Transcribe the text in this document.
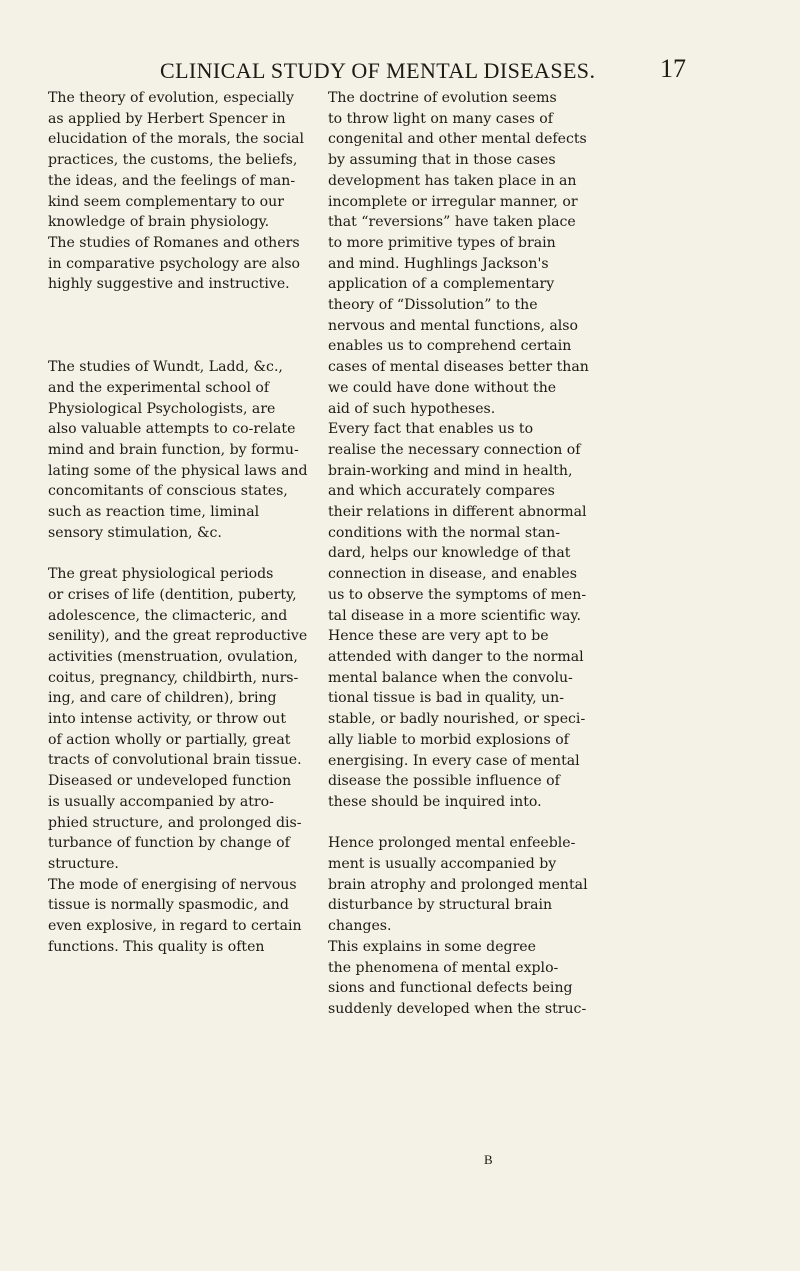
CLINICAL STUDY OF MENTAL DISEASES. 17
The theory of evolution, especially
as applied by Herbert Spencer in
elucidation of the morals, the social
practices, the customs, the beliefs,
the ideas, and the feelings of man-
kind seem complementary to our
knowledge of brain physiology.
The studies of Romanes and others
in comparative psychology are also
highly suggestive and instructive.
The studies of Wundt, Ladd, &c.,
and the experimental school of
Physiological Psychologists, are
also valuable attempts to co-relate
mind and brain function, by formu-
lating some of the physical laws and
concomitants of conscious states,
such as reaction time, liminal
sensory stimulation, &c.
The great physiological periods
or crises of life (dentition, puberty,
adolescence, the climacteric, and
senility), and the great reproductive
activities (menstruation, ovulation,
coitus, pregnancy, childbirth, nurs-
ing, and care of children), bring
into intense activity, or throw out
of action wholly or partially, great
tracts of convolutional brain tissue.
Diseased or undeveloped function
is usually accompanied by atro-
phied structure, and prolonged dis-
turbance of function by change of
structure.
The mode of energising of nervous
tissue is normally spasmodic, and
even explosive, in regard to certain
functions. This quality is often
The doctrine of evolution seems
to throw light on many cases of
congenital and other mental defects
by assuming that in those cases
development has taken place in an
incomplete or irregular manner, or
that “reversions” have taken place
to more primitive types of brain
and mind. Hughlings Jackson's
application of a complementary
theory of “Dissolution” to the
nervous and mental functions, also
enables us to comprehend certain
cases of mental diseases better than
we could have done without the
aid of such hypotheses.
Every fact that enables us to
realise the necessary connection of
brain-working and mind in health,
and which accurately compares
their relations in different abnormal
conditions with the normal stan-
dard, helps our knowledge of that
connection in disease, and enables
us to observe the symptoms of men-
tal disease in a more scientific way.
Hence these are very apt to be
attended with danger to the normal
mental balance when the convolu-
tional tissue is bad in quality, un-
stable, or badly nourished, or speci-
ally liable to morbid explosions of
energising. In every case of mental
disease the possible influence of
these should be inquired into.
Hence prolonged mental enfeeble-
ment is usually accompanied by
brain atrophy and prolonged mental
disturbance by structural brain
changes.
This explains in some degree
the phenomena of mental explo-
sions and functional defects being
suddenly developed when the struc-
B
